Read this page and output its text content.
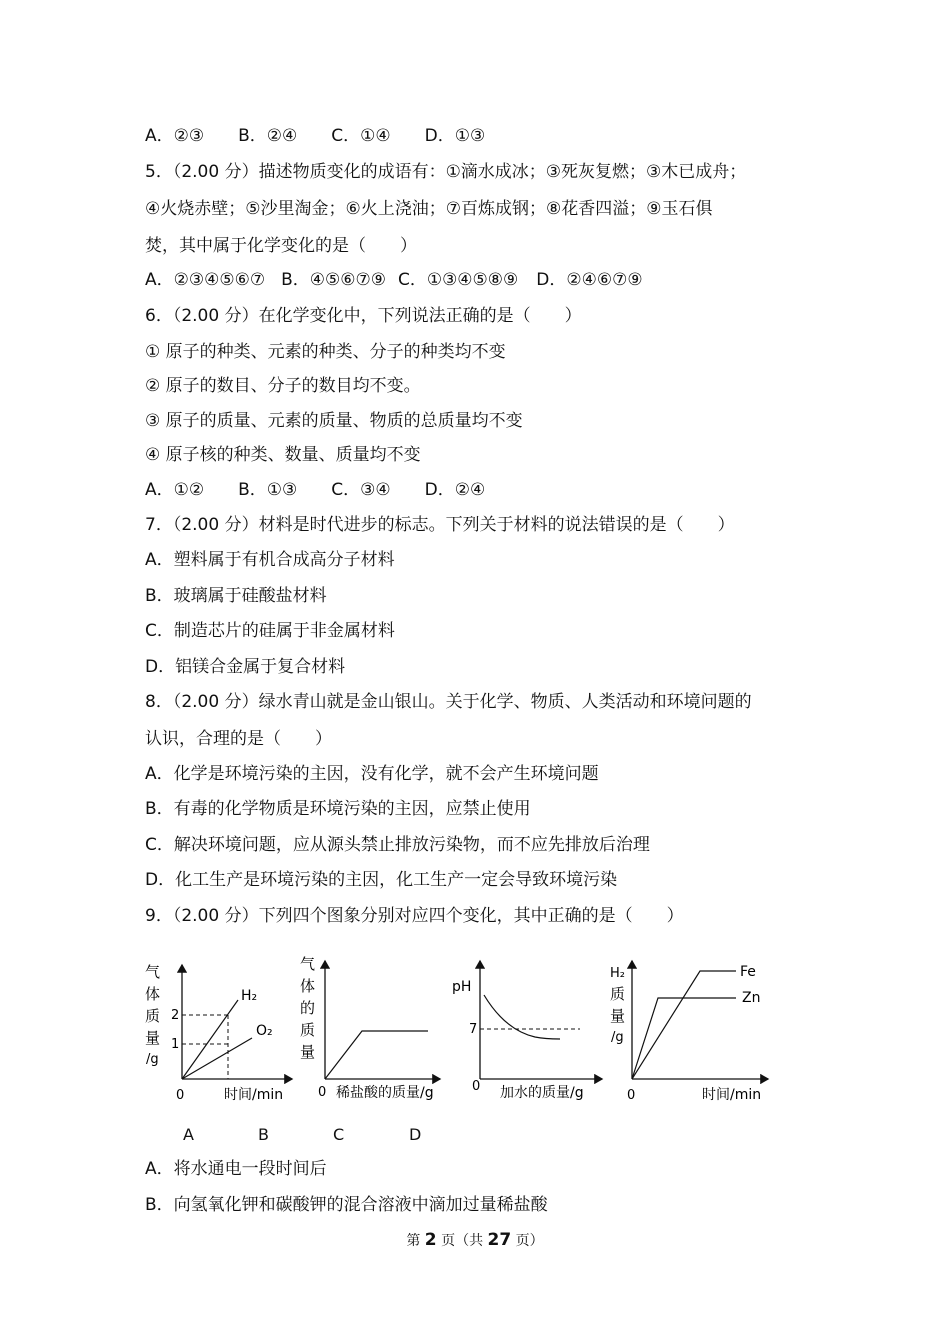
A．②③ B．②④ C．①④ D．①③
5．（2.00 分）描述物质变化的成语有：①滴水成冰；③死灰复燃；③木已成舟；
④火烧赤壁；⑤沙里淘金；⑥火上浇油；⑦百炼成钢；⑧花香四溢；⑨玉石俱
焚，其中属于化学变化的是（　　）
A．②③④⑤⑥⑦ B．④⑤⑥⑦⑨ C．①③④⑤⑧⑨ D．②④⑥⑦⑨
6．（2.00 分）在化学变化中，下列说法正确的是（　　）
① 原子的种类、元素的种类、分子的种类均不变
② 原子的数目、分子的数目均不变。
③ 原子的质量、元素的质量、物质的总质量均不变
④ 原子核的种类、数量、质量均不变
A．①② B．①③ C．③④ D．②④
7．（2.00 分）材料是时代进步的标志。下列关于材料的说法错误的是（　　）
A．塑料属于有机合成高分子材料
B．玻璃属于硅酸盐材料
C．制造芯片的硅属于非金属材料
D．铝镁合金属于复合材料
8．（2.00 分）绿水青山就是金山银山。关于化学、物质、人类活动和环境问题的
认识，合理的是（　　）
A．化学是环境污染的主因，没有化学，就不会产生环境问题
B．有毒的化学物质是环境污染的主因，应禁止使用
C．解决环境问题，应从源头禁止排放污染物，而不应先排放后治理
D．化工生产是环境污染的主因，化工生产一定会导致环境污染
9．（2.00 分）下列四个图象分别对应四个变化，其中正确的是（　　）
气
体
质
量
/g
0	时间/min
2
1
H₂
O₂
气
体
的
质
量
0 稀盐酸的质量/g
pH
7
0 加水的质量/g
H₂
质
量
/g
Fe
Zn
0	时间/min
A	B	C	D
A．将水通电一段时间后
B．向氢氧化钾和碳酸钾的混合溶液中滴加过量稀盐酸
第 2 页（共 27 页）
